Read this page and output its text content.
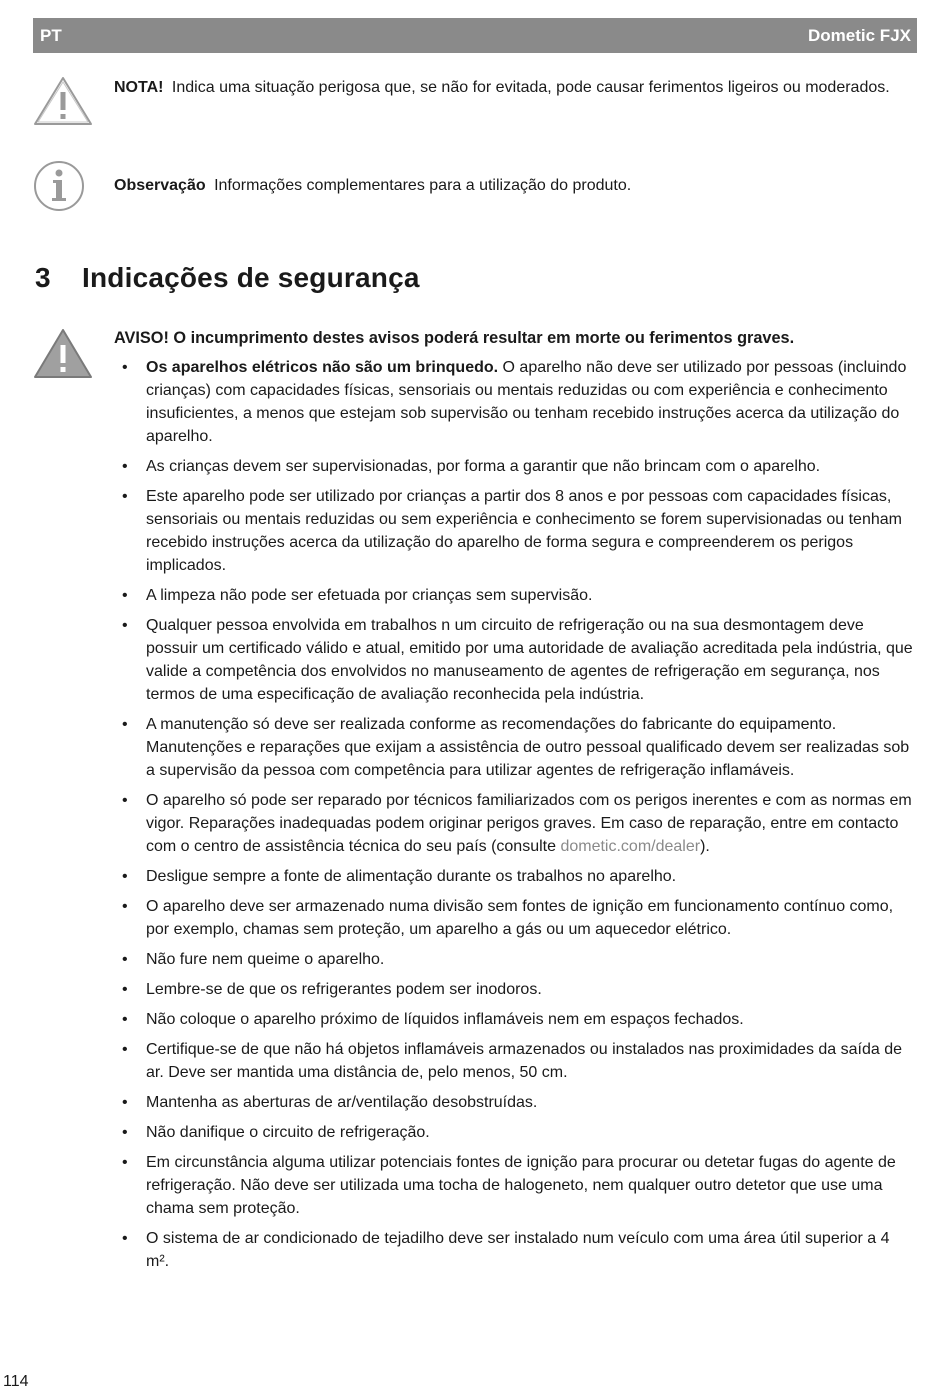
PT	Dometic FJX
NOTA! Indica uma situação perigosa que, se não for evitada, pode causar ferimentos ligeiros ou moderados.
Observação Informações complementares para a utilização do produto.
3 Indicações de segurança
AVISO! O incumprimento destes avisos poderá resultar em morte ou ferimentos graves.
• Os aparelhos elétricos não são um brinquedo. O aparelho não deve ser utilizado por pessoas (incluindo crianças) com capacidades físicas, sensoriais ou mentais reduzidas ou com experiência e conhecimento insuficientes, a menos que estejam sob supervisão ou tenham recebido instruções acerca da utilização do aparelho.
• As crianças devem ser supervisionadas, por forma a garantir que não brincam com o aparelho.
• Este aparelho pode ser utilizado por crianças a partir dos 8 anos e por pessoas com capacidades físicas, sensoriais ou mentais reduzidas ou sem experiência e conhecimento se forem supervisionadas ou tenham recebido instruções acerca da utilização do aparelho de forma segura e compreenderem os perigos implicados.
• A limpeza não pode ser efetuada por crianças sem supervisão.
• Qualquer pessoa envolvida em trabalhos n um circuito de refrigeração ou na sua desmontagem deve possuir um certificado válido e atual, emitido por uma autoridade de avaliação acreditada pela indústria, que valide a competência dos envolvidos no manuseamento de agentes de refrigeração em segurança, nos termos de uma especificação de avaliação reconhecida pela indústria.
• A manutenção só deve ser realizada conforme as recomendações do fabricante do equipamento. Manutenções e reparações que exijam a assistência de outro pessoal qualificado devem ser realizadas sob a supervisão da pessoa com competência para utilizar agentes de refrigeração inflamáveis.
• O aparelho só pode ser reparado por técnicos familiarizados com os perigos inerentes e com as normas em vigor. Reparações inadequadas podem originar perigos graves. Em caso de reparação, entre em contacto com o centro de assistência técnica do seu país (consulte dometic.com/dealer).
• Desligue sempre a fonte de alimentação durante os trabalhos no aparelho.
• O aparelho deve ser armazenado numa divisão sem fontes de ignição em funcionamento contínuo como, por exemplo, chamas sem proteção, um aparelho a gás ou um aquecedor elétrico.
• Não fure nem queime o aparelho.
• Lembre-se de que os refrigerantes podem ser inodoros.
• Não coloque o aparelho próximo de líquidos inflamáveis nem em espaços fechados.
• Certifique-se de que não há objetos inflamáveis armazenados ou instalados nas proximidades da saída de ar. Deve ser mantida uma distância de, pelo menos, 50 cm.
• Mantenha as aberturas de ar/ventilação desobstruídas.
• Não danifique o circuito de refrigeração.
• Em circunstância alguma utilizar potenciais fontes de ignição para procurar ou detetar fugas do agente de refrigeração. Não deve ser utilizada uma tocha de halogeneto, nem qualquer outro detetor que use uma chama sem proteção.
• O sistema de ar condicionado de tejadilho deve ser instalado num veículo com uma área útil superior a 4 m².
114
